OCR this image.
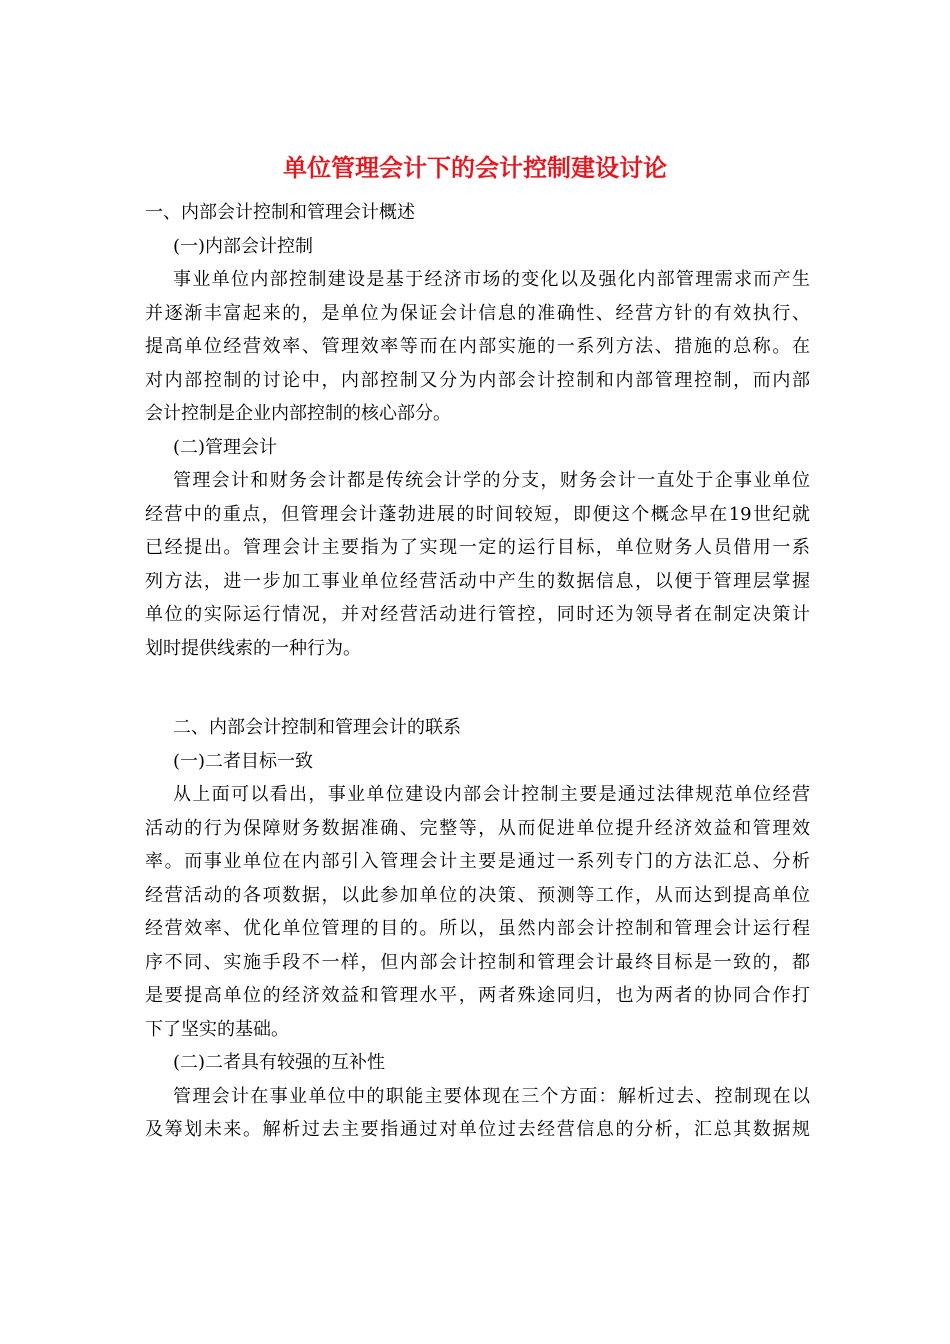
单位管理会计下的会计控制建设讨论
一、内部会计控制和管理会计概述
(一)内部会计控制
事业单位内部控制建设是基于经济市场的变化以及强化内部管理需求而产生
并逐渐丰富起来的，是单位为保证会计信息的准确性、经营方针的有效执行、
提高单位经营效率、管理效率等而在内部实施的一系列方法、措施的总称。在
对内部控制的讨论中，内部控制又分为内部会计控制和内部管理控制，而内部
会计控制是企业内部控制的核心部分。
(二)管理会计
管理会计和财务会计都是传统会计学的分支，财务会计一直处于企事业单位
经营中的重点，但管理会计蓬勃进展的时间较短，即便这个概念早在19世纪就
已经提出。管理会计主要指为了实现一定的运行目标，单位财务人员借用一系
列方法，进一步加工事业单位经营活动中产生的数据信息，以便于管理层掌握
单位的实际运行情况，并对经营活动进行管控，同时还为领导者在制定决策计
划时提供线索的一种行为。
二、内部会计控制和管理会计的联系
(一)二者目标一致
从上面可以看出，事业单位建设内部会计控制主要是通过法律规范单位经营
活动的行为保障财务数据准确、完整等，从而促进单位提升经济效益和管理效
率。而事业单位在内部引入管理会计主要是通过一系列专门的方法汇总、分析
经营活动的各项数据，以此参加单位的决策、预测等工作，从而达到提高单位
经营效率、优化单位管理的目的。所以，虽然内部会计控制和管理会计运行程
序不同、实施手段不一样，但内部会计控制和管理会计最终目标是一致的，都
是要提高单位的经济效益和管理水平，两者殊途同归，也为两者的协同合作打
下了坚实的基础。
(二)二者具有较强的互补性
管理会计在事业单位中的职能主要体现在三个方面：解析过去、控制现在以
及筹划未来。解析过去主要指通过对单位过去经营信息的分析，汇总其数据规
